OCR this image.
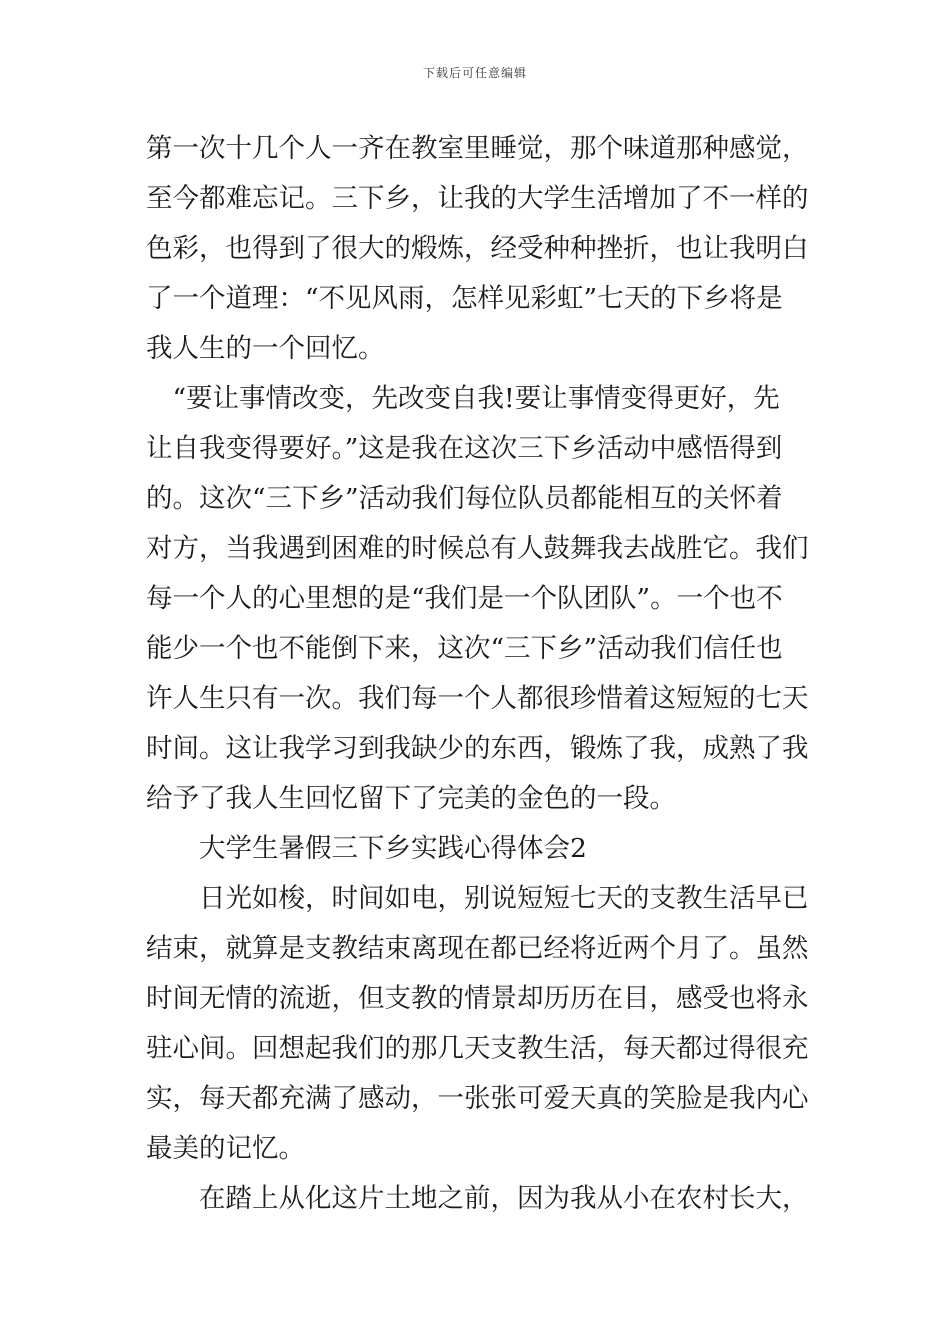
下载后可任意编辑
第一次十几个人一齐在教室里睡觉，那个味道那种感觉，
至今都难忘记。三下乡，让我的大学生活增加了不一样的
色彩，也得到了很大的煅炼，经受种种挫折，也让我明白
了一个道理：“不见风雨，怎样见彩虹”七天的下乡将是
我人生的一个回忆。
　“要让事情改变，先改变自我!要让事情变得更好，先
让自我变得要好。”这是我在这次三下乡活动中感悟得到
的。这次“三下乡”活动我们每位队员都能相互的关怀着
对方，当我遇到困难的时候总有人鼓舞我去战胜它。我们
每一个人的心里想的是“我们是一个队团队”。一个也不
能少一个也不能倒下来，这次“三下乡”活动我们信任也
许人生只有一次。我们每一个人都很珍惜着这短短的七天
时间。这让我学习到我缺少的东西，锻炼了我，成熟了我
给予了我人生回忆留下了完美的金色的一段。
　　大学生暑假三下乡实践心得体会2
　　日光如梭，时间如电，别说短短七天的支教生活早已
结束，就算是支教结束离现在都已经将近两个月了。虽然
时间无情的流逝，但支教的情景却历历在目，感受也将永
驻心间。回想起我们的那几天支教生活，每天都过得很充
实，每天都充满了感动，一张张可爱天真的笑脸是我内心
最美的记忆。
　　在踏上从化这片土地之前，因为我从小在农村长大，
